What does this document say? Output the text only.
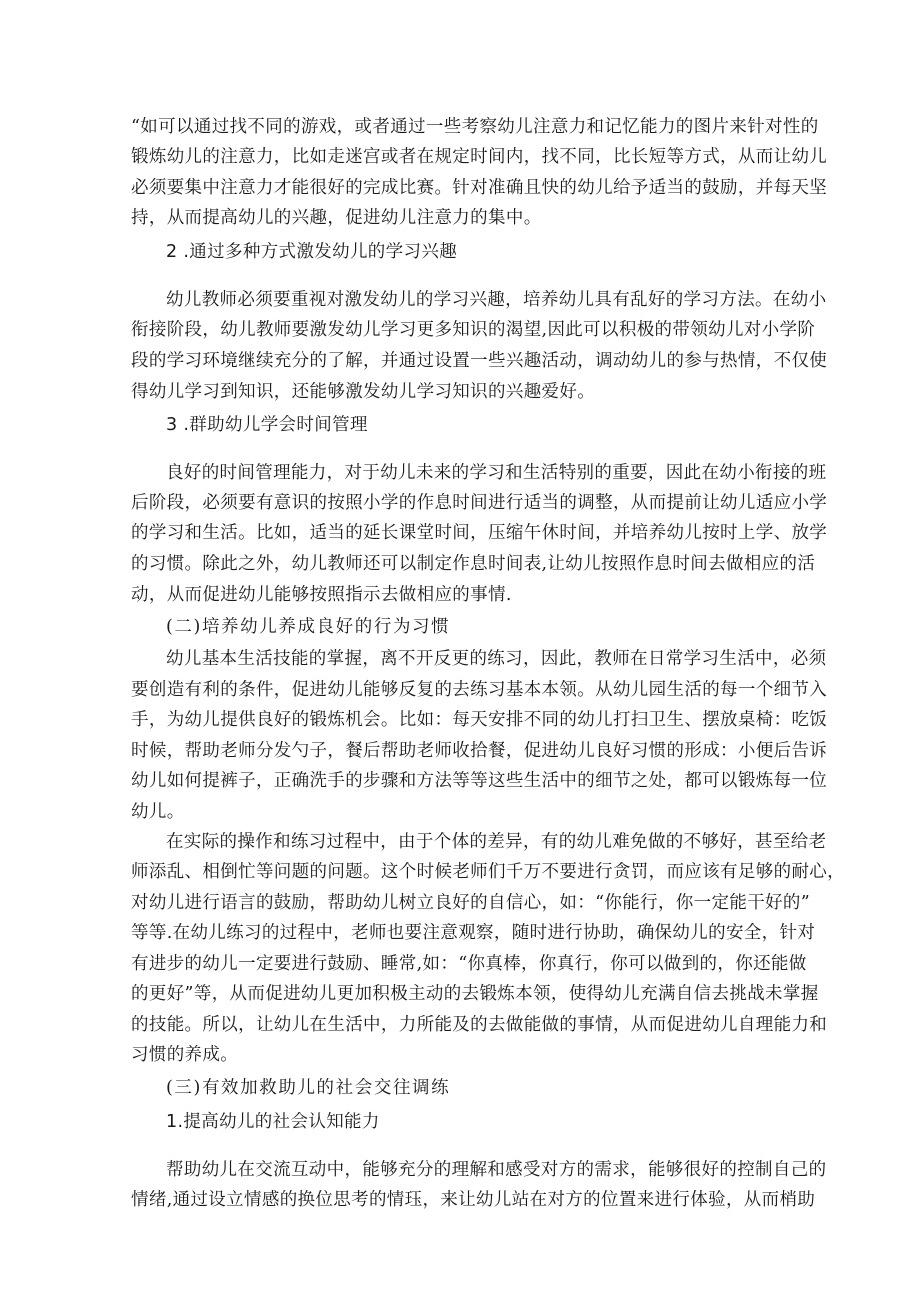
“如可以通过找不同的游戏，或者通过一些考察幼儿注意力和记忆能力的图片来针对性的
锻炼幼儿的注意力，比如走迷宫或者在规定时间内，找不同，比长短等方式，从而让幼儿
必须要集中注意力才能很好的完成比赛。针对准确且快的幼儿给予适当的鼓励，并每天坚
持，从而提高幼儿的兴趣，促进幼儿注意力的集中。
2 .通过多种方式激发幼儿的学习兴趣
幼儿教师必须要重视对激发幼儿的学习兴趣，培养幼儿具有乱好的学习方法。在幼小
衔接阶段，幼儿教师要激发幼儿学习更多知识的渴望,因此可以积极的带领幼儿对小学阶
段的学习环境继续充分的了解，并通过设置一些兴趣活动，调动幼儿的参与热情，不仅使
得幼儿学习到知识，还能够激发幼儿学习知识的兴趣爱好。
3 .群助幼儿学会时间管理
良好的时间管理能力，对于幼儿未来的学习和生活特别的重要，因此在幼小衔接的班
后阶段，必须要有意识的按照小学的作息时间进行适当的调整，从而提前让幼儿适应小学
的学习和生活。比如，适当的延长课堂时间，压缩午休时间，并培养幼儿按时上学、放学
的习惯。除此之外，幼儿教师还可以制定作息时间表,让幼儿按照作息时间去做相应的活
动，从而促进幼儿能够按照指示去做相应的事情.
(二)培养幼儿养成良好的行为习惯
幼儿基本生活技能的掌握，离不开反更的练习，因此，教师在日常学习生活中，必须
要创造有利的条件，促进幼儿能够反复的去练习基本本领。从幼儿园生活的每一个细节入
手，为幼儿提供良好的锻炼机会。比如：每天安排不同的幼儿打扫卫生、摆放桌椅：吃饭
时候，帮助老师分发勺子，餐后帮助老师收拾餐，促进幼儿良好习惯的形成：小便后告诉
幼儿如何提裤子，正确洗手的步骤和方法等等这些生活中的细节之处，都可以锻炼每一位
幼儿。
在实际的操作和练习过程中，由于个体的差异，有的幼儿难免做的不够好，甚至给老
师添乱、相倒忙等问题的问题。这个时候老师们千万不要进行贪罚，而应该有足够的耐心，
对幼儿进行语言的鼓励，帮助幼儿树立良好的自信心，如：“你能行，你一定能干好的”
等等.在幼儿练习的过程中，老师也要注意观察，随时进行协助，确保幼儿的安全，针对
有进步的幼儿一定要进行鼓励、睡常,如：“你真棒，你真行，你可以做到的，你还能做
的更好”等，从而促进幼儿更加积极主动的去锻炼本领，使得幼儿充满自信去挑战未掌握
的技能。所以，让幼儿在生活中，力所能及的去做能做的事情，从而促进幼儿自理能力和
习惯的养成。
(三)有效加救助儿的社会交往调练
1.提高幼儿的社会认知能力
帮助幼儿在交流互动中，能够充分的理解和感受对方的需求，能够很好的控制自己的
情绪,通过设立情感的换位思考的情珏，来让幼儿站在对方的位置来进行体验，从而梢助
